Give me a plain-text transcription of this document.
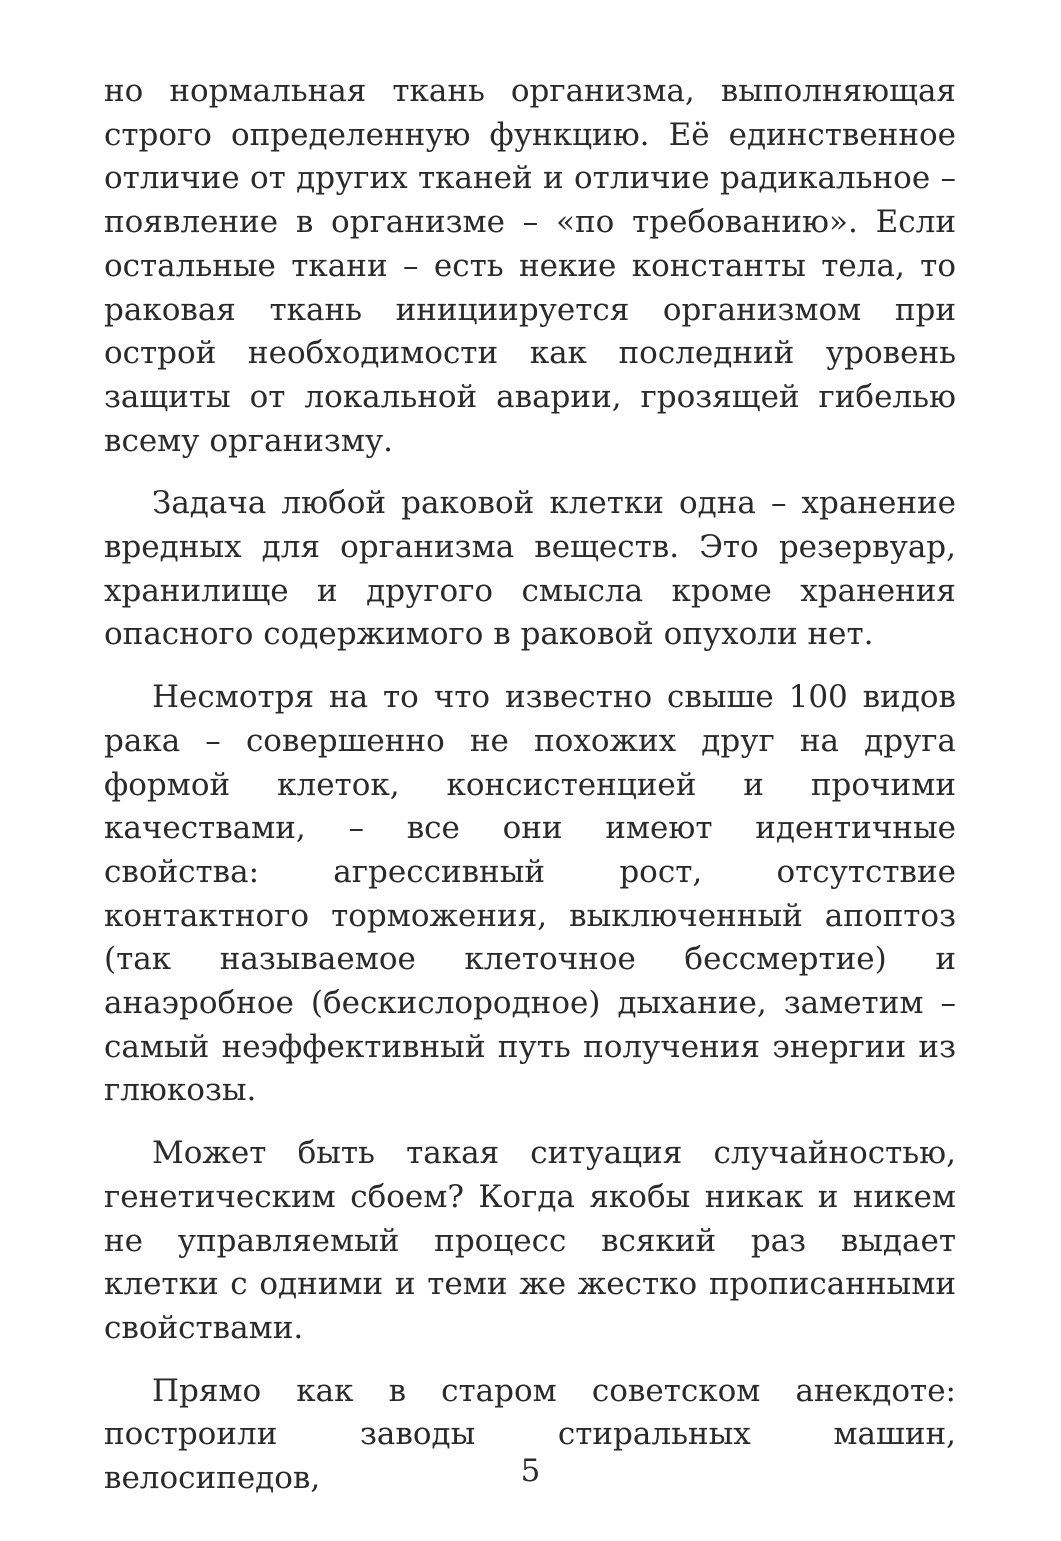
но нормальная ткань организма, выполняющая строго определенную функцию. Её единственное отличие от других тканей и отличие радикальное – появление в организме – «по требованию». Если остальные ткани – есть некие константы тела, то раковая ткань инициируется организмом при острой необходимости как последний уровень защиты от локальной аварии, грозящей гибелью всему организму.

Задача любой раковой клетки одна – хранение вредных для организма веществ. Это резервуар, хранилище и другого смысла кроме хранения опасного содержимого в раковой опухоли нет.

Несмотря на то что известно свыше 100 видов рака – совершенно не похожих друг на друга формой клеток, консистенцией и прочими качествами, – все они имеют идентичные свойства: агрессивный рост, отсутствие контактного торможения, выключенный апоптоз (так называемое клеточное бессмертие) и анаэробное (бескислородное) дыхание, заметим – самый неэффективный путь получения энергии из глюкозы.

Может быть такая ситуация случайностью, генетическим сбоем? Когда якобы никак и никем не управляемый процесс всякий раз выдает клетки с одними и теми же жестко прописанными свойствами.

Прямо как в старом советском анекдоте: построили заводы стиральных машин, велосипедов,	5
